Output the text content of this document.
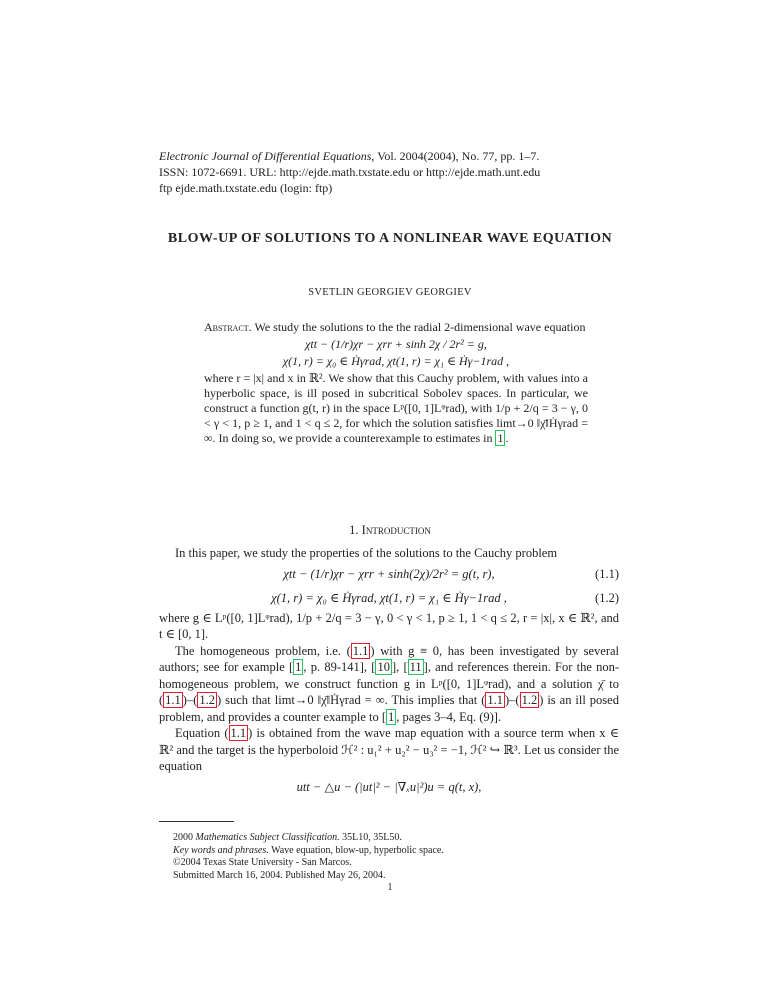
Electronic Journal of Differential Equations, Vol. 2004(2004), No. 77, pp. 1–7.
ISSN: 1072-6691. URL: http://ejde.math.txstate.edu or http://ejde.math.unt.edu
ftp ejde.math.txstate.edu (login: ftp)
BLOW-UP OF SOLUTIONS TO A NONLINEAR WAVE EQUATION
SVETLIN GEORGIEV GEORGIEV
Abstract. We study the solutions to the the radial 2-dimensional wave equation
χtt − (1/r)χr − χrr + sinh 2χ / 2r² = g,
χ(1, r) = χ₀ ∈ Ḣγrad, χt(1, r) = χ₁ ∈ Ḣγ−1rad ,
where r = |x| and x in ℝ². We show that this Cauchy problem, with values into a hyperbolic space, is ill posed in subcritical Sobolev spaces. In particular, we construct a function g(t, r) in the space Lᵖ([0, 1]Lᵠrad), with 1/p + 2/q = 3 − γ, 0 < γ < 1, p ≥ 1, and 1 < q ≤ 2, for which the solution satisfies limt→0 ‖χ̄‖Ḣγrad = ∞. In doing so, we provide a counterexample to estimates in 1 .
1. Introduction

In this paper, we study the properties of the solutions to the Cauchy problem

χtt − (1/r)χr − χrr + sinh(2χ)/2r² = g(t, r),	(1.1)
χ(1, r) = χ₀ ∈ Ḣγrad, χt(1, r) = χ₁ ∈ Ḣγ−1rad ,	(1.2)

where g ∈ Lᵖ([0, 1]Lᵠrad), 1/p + 2/q = 3 − γ, 0 < γ < 1, p ≥ 1, 1 < q ≤ 2, r = |x|, x ∈ ℝ², and t ∈ [0, 1].

The homogeneous problem, i.e. ( 1.1 ) with g ≡ 0, has been investigated by several authors; see for example [ 1 , p. 89-141], [ 10 ], [ 11 ], and references therein. For the non-homogeneous problem, we construct function g in Lᵖ([0, 1]Lᵠrad), and a solution χ̄ to ( 1.1 )–( 1.2 ) such that limt→0 ‖χ̄‖Ḣγrad = ∞. This implies that ( 1.1 )–( 1.2 ) is an ill posed problem, and provides a counter example to [ 1 , pages 3–4, Eq. (9)].

Equation ( 1.1 ) is obtained from the wave map equation with a source term when x ∈ ℝ² and the target is the hyperboloid ℋ² : u₁² + u₂² − u₃² = −1, ℋ² ↪ ℝ³. Let us consider the equation

utt − △u − (|ut|² − |∇ₓu|²)u = q(t, x),
2000 Mathematics Subject Classification. 35L10, 35L50.
Key words and phrases. Wave equation, blow-up, hyperbolic space.
©2004 Texas State University - San Marcos.
Submitted March 16, 2004. Published May 26, 2004.
1
